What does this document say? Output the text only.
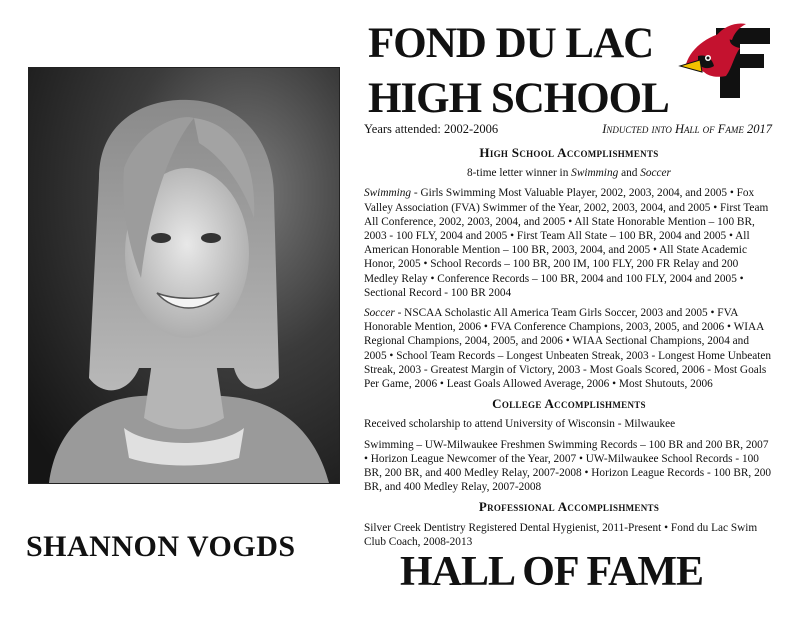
SHANNON VOGDS
FOND DU LAC
HIGH SCHOOL
Years attended: 2002-2006	Inducted into Hall of Fame 2017
High School Accomplishments
8-time letter winner in Swimming and Soccer
Swimming - Girls Swimming Most Valuable Player, 2002, 2003, 2004, and 2005 • Fox Valley Association (FVA) Swimmer of the Year, 2002, 2003, 2004, and 2005 • First Team All Conference, 2002, 2003, 2004, and 2005 • All State Honorable Mention – 100 BR, 2003 - 100 FLY, 2004 and 2005 • First Team All State – 100 BR, 2004 and 2005 • All American Honorable Mention – 100 BR, 2003, 2004, and 2005 • All State Academic Honor, 2005 • School Records – 100 BR, 200 IM, 100 FLY, 200 FR Relay and 200 Medley Relay • Conference Records – 100 BR, 2004 and 100 FLY, 2004 and 2005 • Sectional Record - 100 BR 2004
Soccer - NSCAA Scholastic All America Team Girls Soccer, 2003 and 2005 • FVA Honorable Mention, 2006 • FVA Conference Champions, 2003, 2005, and 2006 • WIAA Regional Champions, 2004, 2005, and 2006 • WIAA Sectional Champions, 2004 and 2005 • School Team Records – Longest Unbeaten Streak, 2003 - Longest Home Unbeaten Streak, 2003 - Greatest Margin of Victory, 2003 - Most Goals Scored, 2006 - Most Goals Per Game, 2006 • Least Goals Allowed Average, 2006 • Most Shutouts, 2006
College Accomplishments
Received scholarship to attend University of Wisconsin - Milwaukee
Swimming – UW-Milwaukee Freshmen Swimming Records – 100 BR and 200 BR, 2007 • Horizon League Newcomer of the Year, 2007 • UW-Milwaukee School Records - 100 BR, 200 BR, and 400 Medley Relay, 2007-2008 • Horizon League Records - 100 BR, 200 BR, and 400 Medley Relay, 2007-2008
Professional Accomplishments
Silver Creek Dentistry Registered Dental Hygienist, 2011-Present • Fond du Lac Swim Club Coach, 2008-2013
HALL OF FAME
